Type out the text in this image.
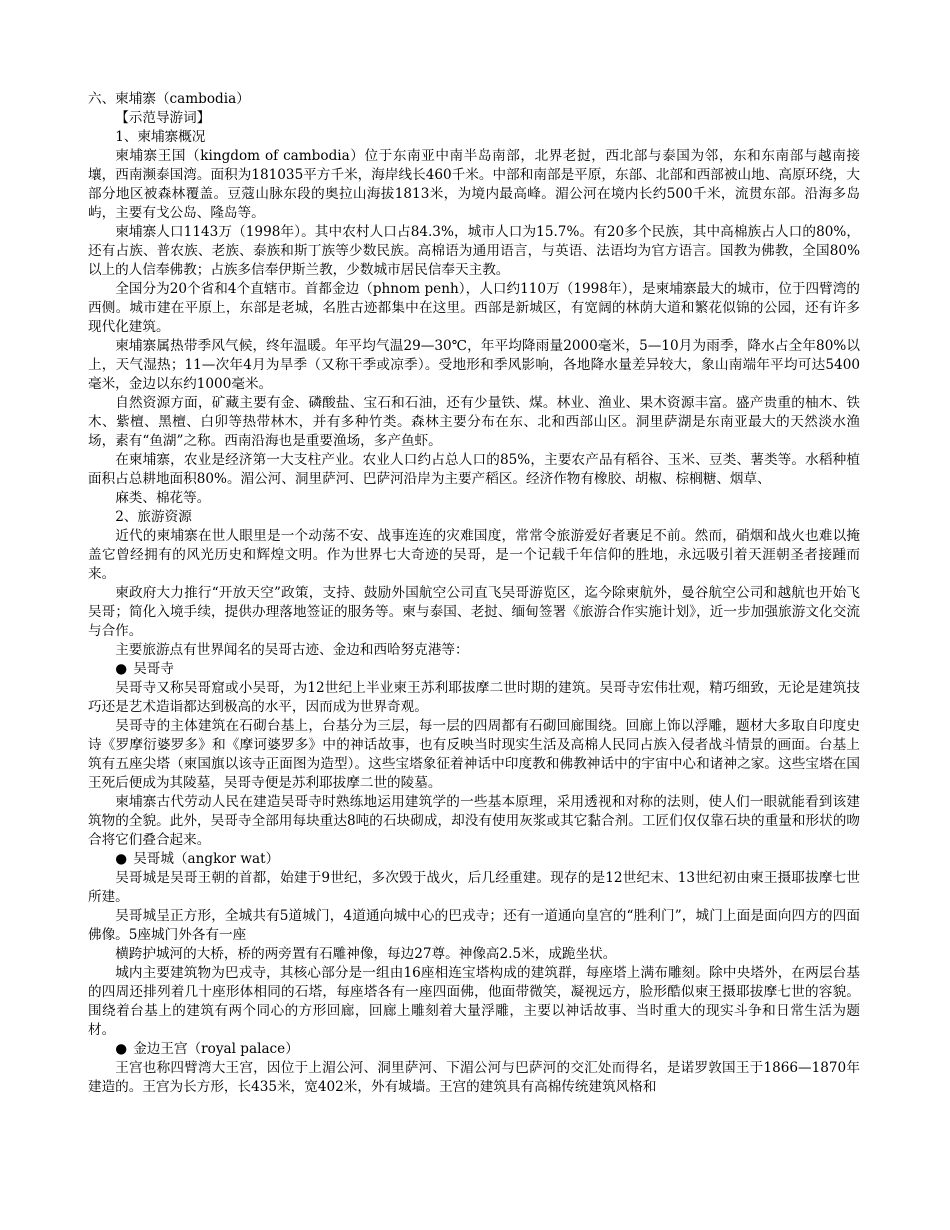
六、柬埔寨（cambodia）
【示范导游词】
1、柬埔寨概况
柬埔寨王国（kingdom of cambodia）位于东南亚中南半岛南部，北界老挝，西北部与泰国为邻，东和东南部与越南接壤，西南濒泰国湾。面积为181035平方千米，海岸线长460千米。中部和南部是平原，东部、北部和西部被山地、高原环绕，大部分地区被森林覆盖。豆蔻山脉东段的奥拉山海拔1813米，为境内最高峰。湄公河在境内长约500千米，流贯东部。沿海多岛屿，主要有戈公岛、隆岛等。
柬埔寨人口1143万（1998年）。其中农村人口占84.3%，城市人口为15.7%。有20多个民族，其中高棉族占人口的80%，还有占族、普农族、老族、泰族和斯丁族等少数民族。高棉语为通用语言，与英语、法语均为官方语言。国教为佛教，全国80%以上的人信奉佛教；占族多信奉伊斯兰教，少数城市居民信奉天主教。
全国分为20个省和4个直辖市。首都金边（phnom penh），人口约110万（1998年），是柬埔寨最大的城市，位于四臂湾的西侧。城市建在平原上，东部是老城，名胜古迹都集中在这里。西部是新城区，有宽阔的林荫大道和繁花似锦的公园，还有许多现代化建筑。
柬埔寨属热带季风气候，终年温暖。年平均气温29—30℃，年平均降雨量2000毫米，5—10月为雨季，降水占全年80%以上，天气湿热；11—次年4月为旱季（又称干季或凉季）。受地形和季风影响，各地降水量差异较大，象山南端年平均可达5400毫米，金边以东约1000毫米。
自然资源方面，矿藏主要有金、磷酸盐、宝石和石油，还有少量铁、煤。林业、渔业、果木资源丰富。盛产贵重的柚木、铁木、紫檀、黑檀、白卯等热带林木，并有多种竹类。森林主要分布在东、北和西部山区。洞里萨湖是东南亚最大的天然淡水渔场，素有“鱼湖”之称。西南沿海也是重要渔场，多产鱼虾。
在柬埔寨，农业是经济第一大支柱产业。农业人口约占总人口的85%，主要农产品有稻谷、玉米、豆类、薯类等。水稻种植面积占总耕地面积80%。湄公河、洞里萨河、巴萨河沿岸为主要产稻区。经济作物有橡胶、胡椒、棕榈糖、烟草、
麻类、棉花等。
2、旅游资源
近代的柬埔寨在世人眼里是一个动荡不安、战事连连的灾难国度，常常令旅游爱好者裹足不前。然而，硝烟和战火也难以掩盖它曾经拥有的风光历史和辉煌文明。作为世界七大奇迹的吴哥，是一个记载千年信仰的胜地，永远吸引着天涯朝圣者接踵而来。
柬政府大力推行“开放天空”政策，支持、鼓励外国航空公司直飞吴哥游览区，迄今除柬航外，曼谷航空公司和越航也开始飞吴哥；简化入境手续，提供办理落地签证的服务等。柬与泰国、老挝、缅甸签署《旅游合作实施计划》，近一步加强旅游文化交流与合作。
主要旅游点有世界闻名的吴哥古迹、金边和西哈努克港等：
● 吴哥寺
吴哥寺又称吴哥窟或小吴哥，为12世纪上半业柬王苏利耶拔摩二世时期的建筑。吴哥寺宏伟壮观，精巧细致，无论是建筑技巧还是艺术造诣都达到极高的水平，因而成为世界奇观。
吴哥寺的主体建筑在石砌台基上，台基分为三层，每一层的四周都有石砌回廊围绕。回廊上饰以浮雕，题材大多取自印度史诗《罗摩衍婆罗多》和《摩诃婆罗多》中的神话故事，也有反映当时现实生活及高棉人民同占族入侵者战斗情景的画面。台基上筑有五座尖塔（柬国旗以该寺正面图为造型）。这些宝塔象征着神话中印度教和佛教神话中的宇宙中心和诸神之家。这些宝塔在国王死后便成为其陵墓，吴哥寺便是苏利耶拔摩二世的陵墓。
柬埔寨古代劳动人民在建造吴哥寺时熟练地运用建筑学的一些基本原理，采用透视和对称的法则，使人们一眼就能看到该建筑物的全貌。此外，吴哥寺全部用每块重达8吨的石块砌成，却没有使用灰浆或其它黏合剂。工匠们仅仅靠石块的重量和形状的吻合将它们叠合起来。
● 吴哥城（angkor wat）
吴哥城是吴哥王朝的首都，始建于9世纪，多次毁于战火，后几经重建。现存的是12世纪末、13世纪初由柬王摄耶拔摩七世所建。
吴哥城呈正方形，全城共有5道城门，4道通向城中心的巴戎寺；还有一道通向皇宫的“胜利门”，城门上面是面向四方的四面佛像。5座城门外各有一座
横跨护城河的大桥，桥的两旁置有石雕神像，每边27尊。神像高2.5米，成跪坐状。
城内主要建筑物为巴戎寺，其核心部分是一组由16座相连宝塔构成的建筑群，每座塔上满布雕刻。除中央塔外，在两层台基的四周还排列着几十座形体相同的石塔，每座塔各有一座四面佛，他面带微笑，凝视远方，脸形酷似柬王摄耶拔摩七世的容貌。围绕着台基上的建筑有两个同心的方形回廊，回廊上雕刻着大量浮雕，主要以神话故事、当时重大的现实斗争和日常生活为题材。
● 金边王宫（royal palace）
王宫也称四臂湾大王宫，因位于上湄公河、洞里萨河、下湄公河与巴萨河的交汇处而得名，是诺罗敦国王于1866—1870年建造的。王宫为长方形，长435米，宽402米，外有城墙。王宫的建筑具有高棉传统建筑风格和
